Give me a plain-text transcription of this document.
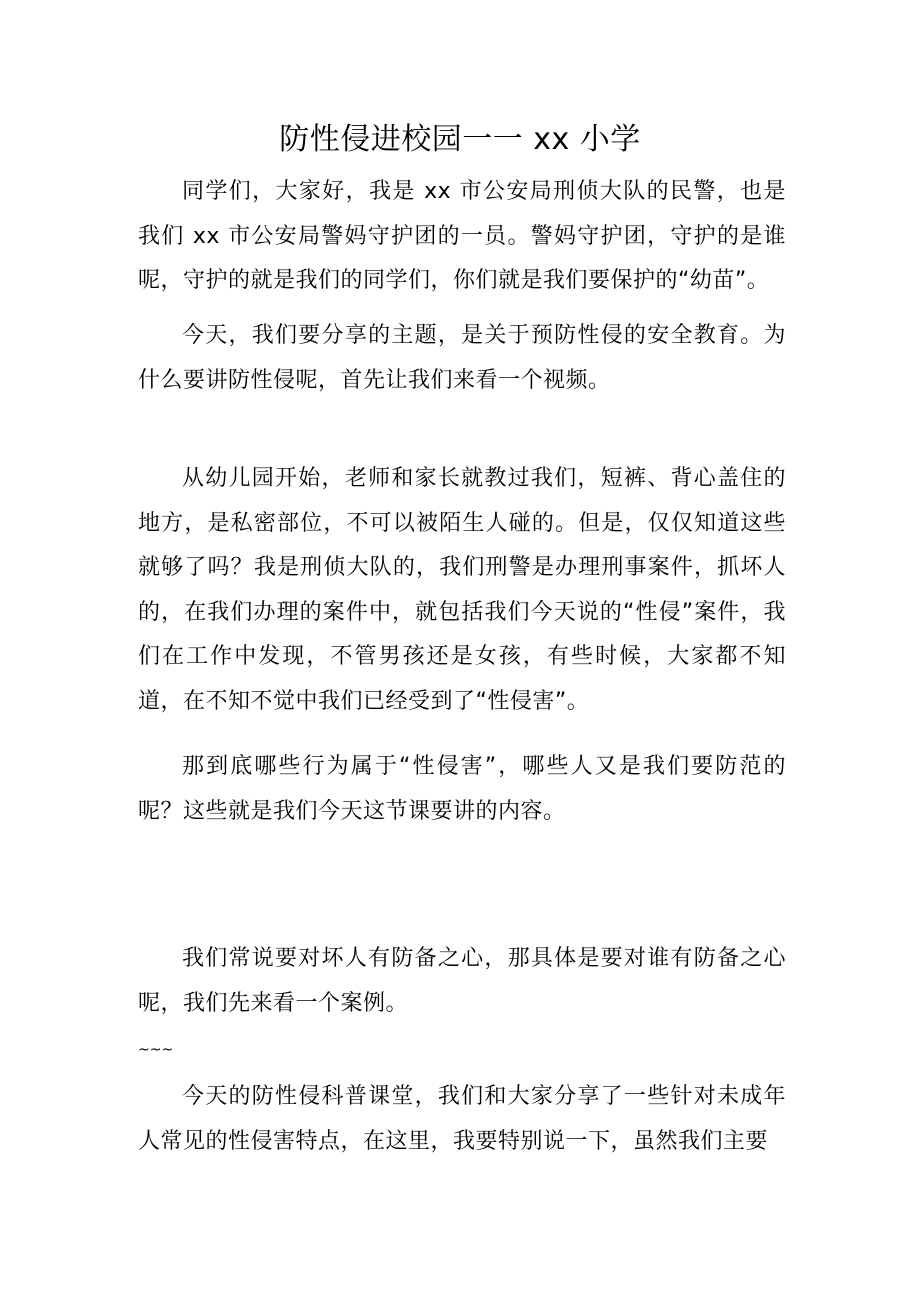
防性侵进校园一一 xx 小学

同学们，大家好，我是 xx 市公安局刑侦大队的民警，也是我们 xx 市公安局警妈守护团的一员。警妈守护团，守护的是谁呢，守护的就是我们的同学们，你们就是我们要保护的“幼苗”。

今天，我们要分享的主题，是关于预防性侵的安全教育。为什么要讲防性侵呢，首先让我们来看一个视频。

从幼儿园开始，老师和家长就教过我们，短裤、背心盖住的地方，是私密部位，不可以被陌生人碰的。但是，仅仅知道这些就够了吗？我是刑侦大队的，我们刑警是办理刑事案件，抓坏人的，在我们办理的案件中，就包括我们今天说的“性侵”案件，我们在工作中发现，不管男孩还是女孩，有些时候，大家都不知道，在不知不觉中我们已经受到了“性侵害”。

那到底哪些行为属于“性侵害”，哪些人又是我们要防范的呢？这些就是我们今天这节课要讲的内容。

我们常说要对坏人有防备之心，那具体是要对谁有防备之心呢，我们先来看一个案例。

~~~

今天的防性侵科普课堂，我们和大家分享了一些针对未成年人常见的性侵害特点，在这里，我要特别说一下，虽然我们主要
